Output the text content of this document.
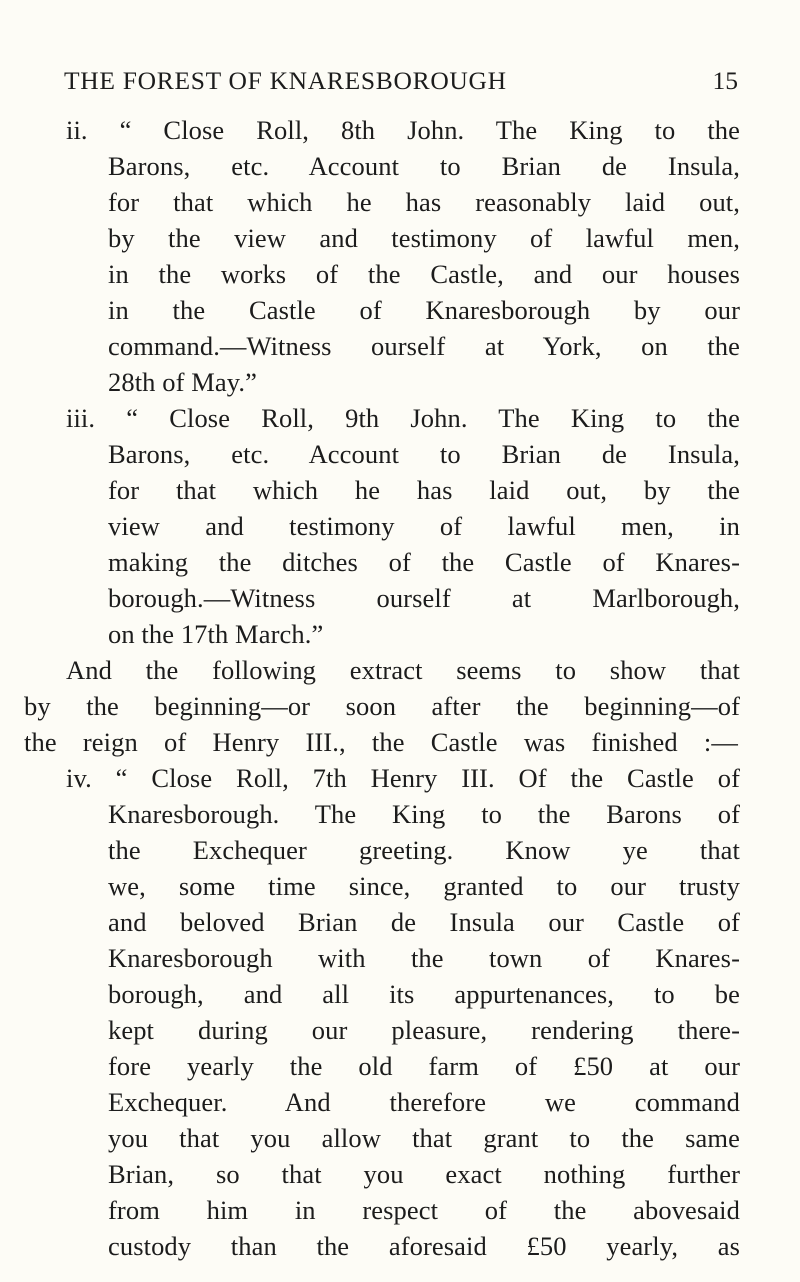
THE FOREST OF KNARESBOROUGH	15
ii. “ Close Roll, 8th John. The King to the
Barons, etc. Account to Brian de Insula,
for that which he has reasonably laid out,
by the view and testimony of lawful men,
in the works of the Castle, and our houses
in the Castle of Knaresborough by our
command.—Witness ourself at York, on the
28th of May.”
iii. “ Close Roll, 9th John. The King to the
Barons, etc. Account to Brian de Insula,
for that which he has laid out, by the
view and testimony of lawful men, in
making the ditches of the Castle of Knares-
borough.—Witness ourself at Marlborough,
on the 17th March.”
And the following extract seems to show that
by the beginning—or soon after the beginning—of
the reign of Henry III., the Castle was finished :—
iv. “ Close Roll, 7th Henry III. Of the Castle of
Knaresborough. The King to the Barons of
the Exchequer greeting. Know ye that
we, some time since, granted to our trusty
and beloved Brian de Insula our Castle of
Knaresborough with the town of Knares-
borough, and all its appurtenances, to be
kept during our pleasure, rendering there-
fore yearly the old farm of £50 at our
Exchequer. And therefore we command
you that you allow that grant to the same
Brian, so that you exact nothing further
from him in respect of the abovesaid
custody than the aforesaid £50 yearly, as
